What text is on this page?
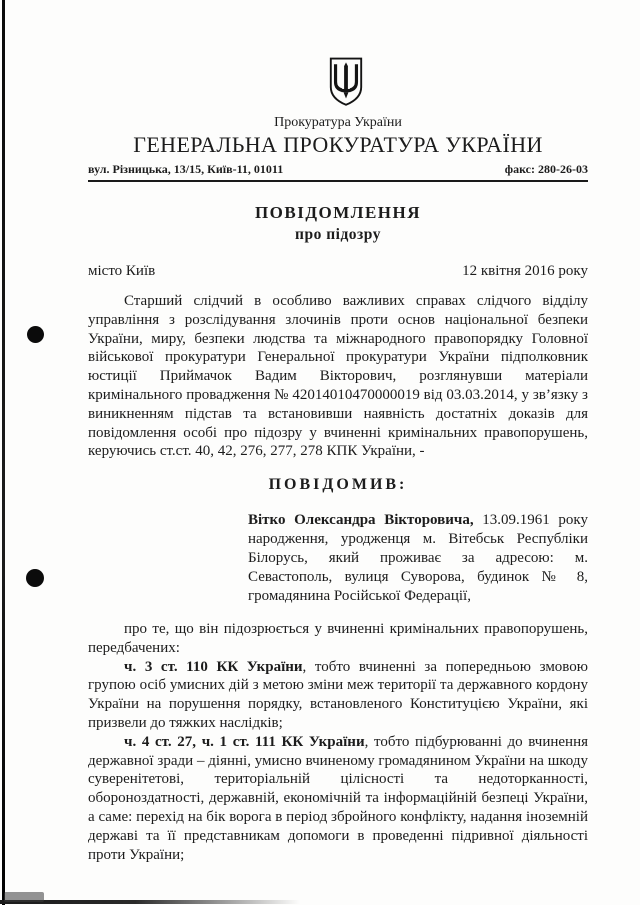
Прокуратура України
ГЕНЕРАЛЬНА ПРОКУРАТУРА УКРАЇНИ
вул. Різницька, 13/15, Київ-11, 01011	факс: 280-26-03
ПОВІДОМЛЕННЯ
про підозру
місто Київ	12 квітня 2016 року

Старший слідчий в особливо важливих справах слідчого відділу управління з розслідування злочинів проти основ національної безпеки України, миру, безпеки людства та міжнародного правопорядку Головної військової прокуратури Генеральної прокуратури України підполковник юстиції Приймачок Вадим Вікторович, розглянувши матеріали кримінального провадження № 42014010470000019 від 03.03.2014, у зв’язку з виникненням підстав та встановивши наявність достатніх доказів для повідомлення особі про підозру у вчиненні кримінальних правопорушень, керуючись ст.ст. 40, 42, 276, 277, 278 КПК України, -

ПОВІДОМИВ:

Вітко Олександра Вікторовича, 13.09.1961 року народження, уродженця м. Вітебськ Республіки Білорусь, який проживає за адресою: м. Севастополь, вулиця Суворова, будинок № 8, громадянина Російської Федерації,

про те, що він підозрюється у вчиненні кримінальних правопорушень, передбачених:

ч. 3 ст. 110 КК України, тобто вчиненні за попередньою змовою групою осіб умисних дій з метою зміни меж території та державного кордону України на порушення порядку, встановленого Конституцією України, які призвели до тяжких наслідків;

ч. 4 ст. 27, ч. 1 ст. 111 КК України, тобто підбурюванні до вчинення державної зради – діянні, умисно вчиненому громадянином України на шкоду суверенітетові, територіальній цілісності та недоторканності, обороноздатності, державній, економічній та інформаційній безпеці України, а саме: перехід на бік ворога в період збройного конфлікту, надання іноземній державі та її представникам допомоги в проведенні підривної діяльності проти України;
